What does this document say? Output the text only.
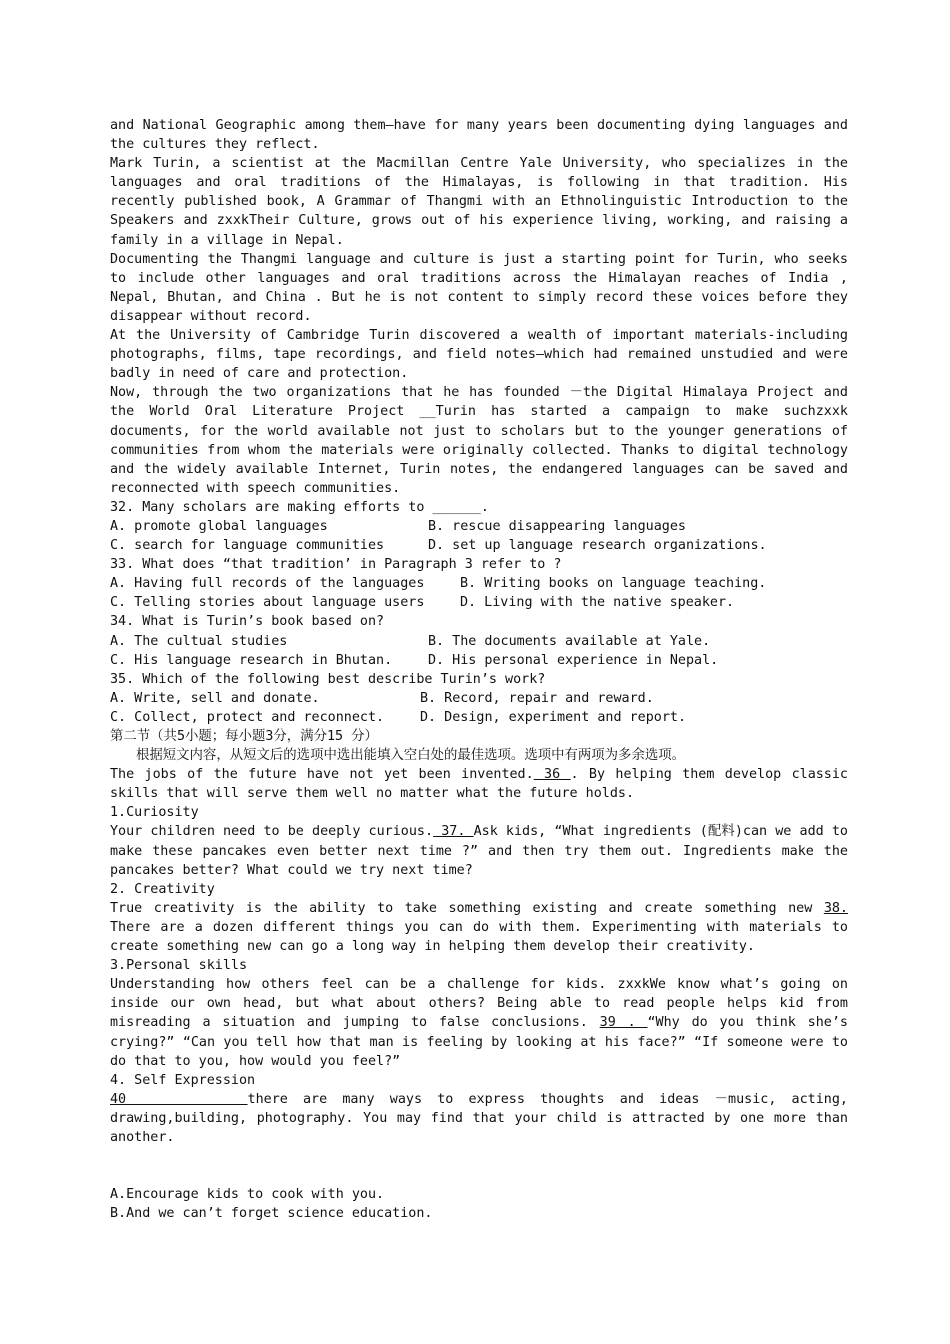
and National Geographic among them—have for many years been documenting dying languages and the cultures they reflect.

Mark Turin, a scientist at the Macmillan Centre Yale University, who specializes in the languages and oral traditions of the Himalayas, is following in that tradition. His recently published book, A Grammar of Thangmi with an Ethnolinguistic Introduction to the Speakers and zxxkTheir Culture, grows out of his experience living, working, and raising a family in a village in Nepal.

Documenting the Thangmi language and culture is just a starting point for Turin, who seeks to include other languages and oral traditions across the Himalayan reaches of India , Nepal, Bhutan, and China . But he is not content to simply record these voices before they disappear without record.

At the University of Cambridge Turin discovered a wealth of important materials-including photographs, films, tape recordings, and field notes—which had remained unstudied and were badly in need of care and protection.

Now, through the two organizations that he has founded －the Digital Himalaya Project and the World Oral Literature Project __Turin has started a campaign to make suchzxxk documents, for the world available not just to scholars but to the younger generations of communities from whom the materials were originally collected. Thanks to digital technology and the widely available Internet, Turin notes, the endangered languages can be saved and reconnected with speech communities.

32. Many scholars are making efforts to ______.

A. promote global languages	B. rescue disappearing languages
C. search for language communities	D. set up language research organizations.

33. What does “that tradition’ in Paragraph 3 refer to ?

A. Having full records of the languages	B. Writing books on language teaching.
C. Telling stories about language users	D. Living with the native speaker.

34. What is Turin’s book based on?

A. The cultual studies	B. The documents available at Yale.
C. His language research in Bhutan.	D. His personal experience in Nepal.

35. Which of the following best describe Turin’s work?

A. Write, sell and donate.	B. Record, repair and reward.
C. Collect, protect and reconnect.	D. Design, experiment and report.

第二节（共5小题；每小题3分，满分15 分）

根据短文内容，从短文后的选项中选出能填入空白处的最佳选项。选项中有两项为多余选项。

The jobs of the future have not yet been invented. 36 . By helping them develop classic skills that will serve them well no matter what the future holds.

1.Curiosity

Your children need to be deeply curious. 37. Ask kids, “What ingredients (配料)can we add to make these pancakes even better next time ?” and then try them out. Ingredients make the pancakes better? What could we try next time?

2. Creativity

True creativity is the ability to take something existing and create something new 38. There are a dozen different things you can do with them. Experimenting with materials to create something new can go a long way in helping them develop their creativity.

3.Personal skills

Understanding how others feel can be a challenge for kids. zxxkWe know what’s going on inside our own head, but what about others? Being able to read people helps kid from misreading a situation and jumping to false conclusions. 39 . “Why do you think she’s crying?” “Can you tell how that man is feeling by looking at his face?” “If someone were to do that to you, how would you feel?”

4. Self Expression

40        there are many ways to express thoughts and ideas －music, acting, drawing,building, photography. You may find that your child is attracted by one more than another.

A.Encourage kids to cook with you.

B.And we can’t forget science education.
